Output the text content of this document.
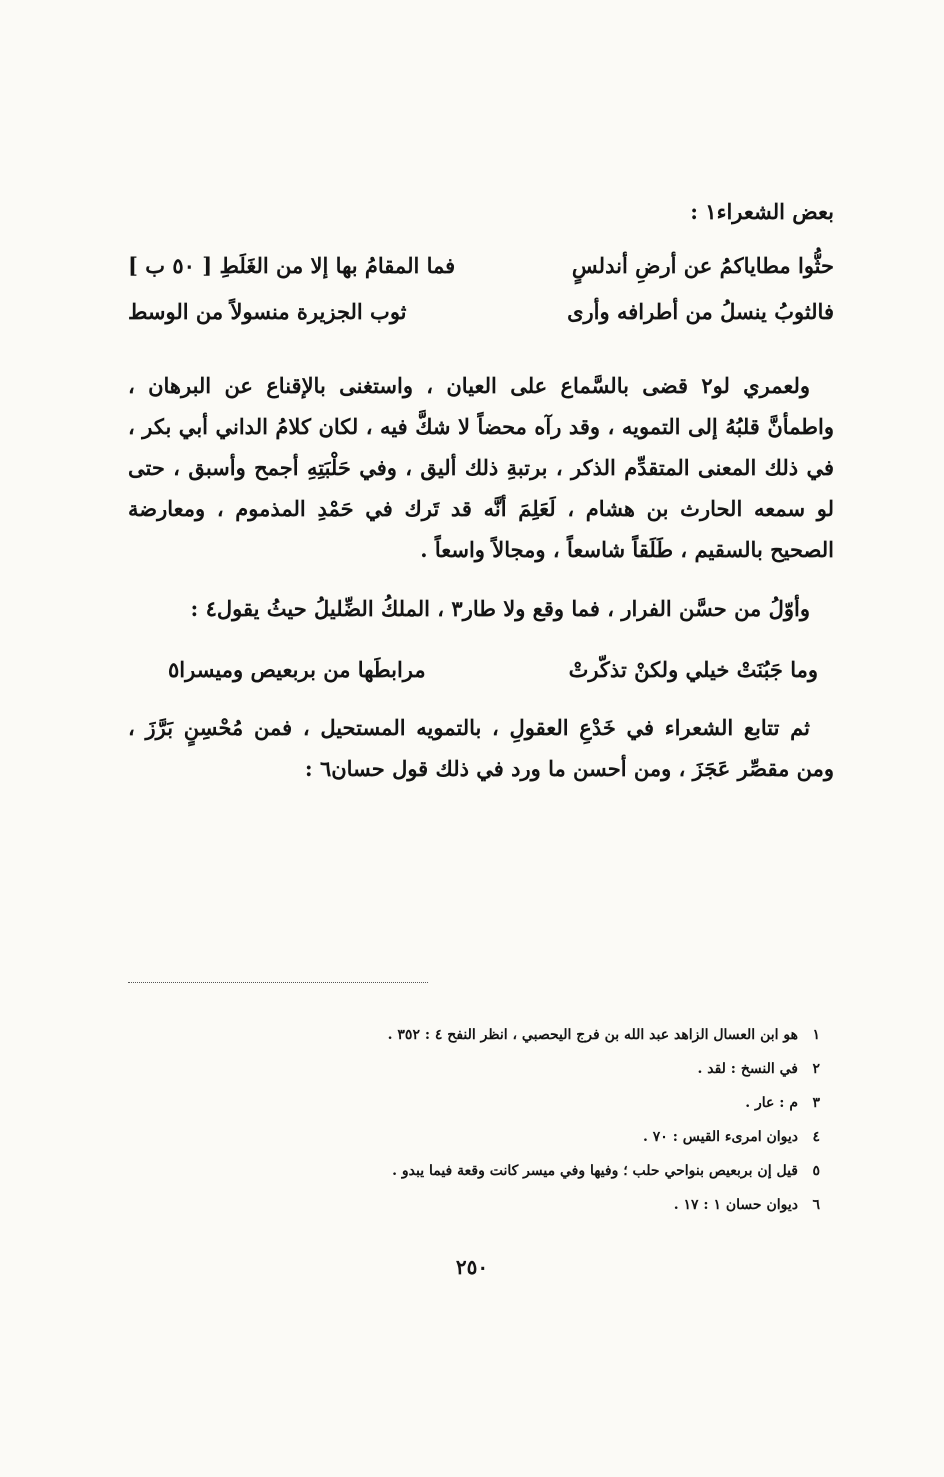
بعض الشعراء١ :
حثُّوا مطاياكمُ عن أرضِ أندلسٍ
فما المقامُ بها إلا من الغَلَطِ [ ٥٠ ب ]
فالثوبُ ينسلُ من أطرافه وأرى
ثوب الجزيرة منسولاً من الوسط

ولعمري لو٢ قضى بالسَّماع على العيان ، واستغنى بالإقناع عن البرهان ، واطمأنَّ قلبُهُ إلى التمويه ، وقد رآه محضاً لا شكَّ فيه ، لكان كلامُ الداني أبي بكر ، في ذلك المعنى المتقدِّم الذكر ، برتبةِ ذلك أليق ، وفي حَلْبَتِهِ أجمح وأسبق ، حتى لو سمعه الحارث بن هشام ، لَعَلِمَ أنَّه قد تَرك في حَمْدِ المذموم ، ومعارضة الصحيح بالسقيم ، طَلَقاً شاسعاً ، ومجالاً واسعاً .

وأوّلُ من حسَّن الفرار ، فما وقع ولا طار٣ ، الملكُ الضِّليلُ حيثُ يقول٤ :

وما جَبُنَتْ خيلي ولكنْ تذكّرتْ
مرابطَها من بربعيص وميسرا٥

ثم تتابع الشعراء في خَدْعِ العقولِ ، بالتمويه المستحيل ، فمن مُحْسِنٍ بَرَّزَ ، ومن مقصِّر عَجَزَ ، ومن أحسن ما ورد في ذلك قول حسان٦ :

١
هو ابن العسال الزاهد عبد الله بن فرج اليحصبي ، انظر النفح ٤ : ٣٥٢ .
٢
في النسخ : لقد .
٣
م : عار .
٤
ديوان امرىء القيس : ٧٠ .
٥
قيل إن بربعيص بنواحي حلب ؛ وفيها وفي ميسر كانت وقعة فيما يبدو .
٦
ديوان حسان ١ : ١٧ .
٢٥٠
